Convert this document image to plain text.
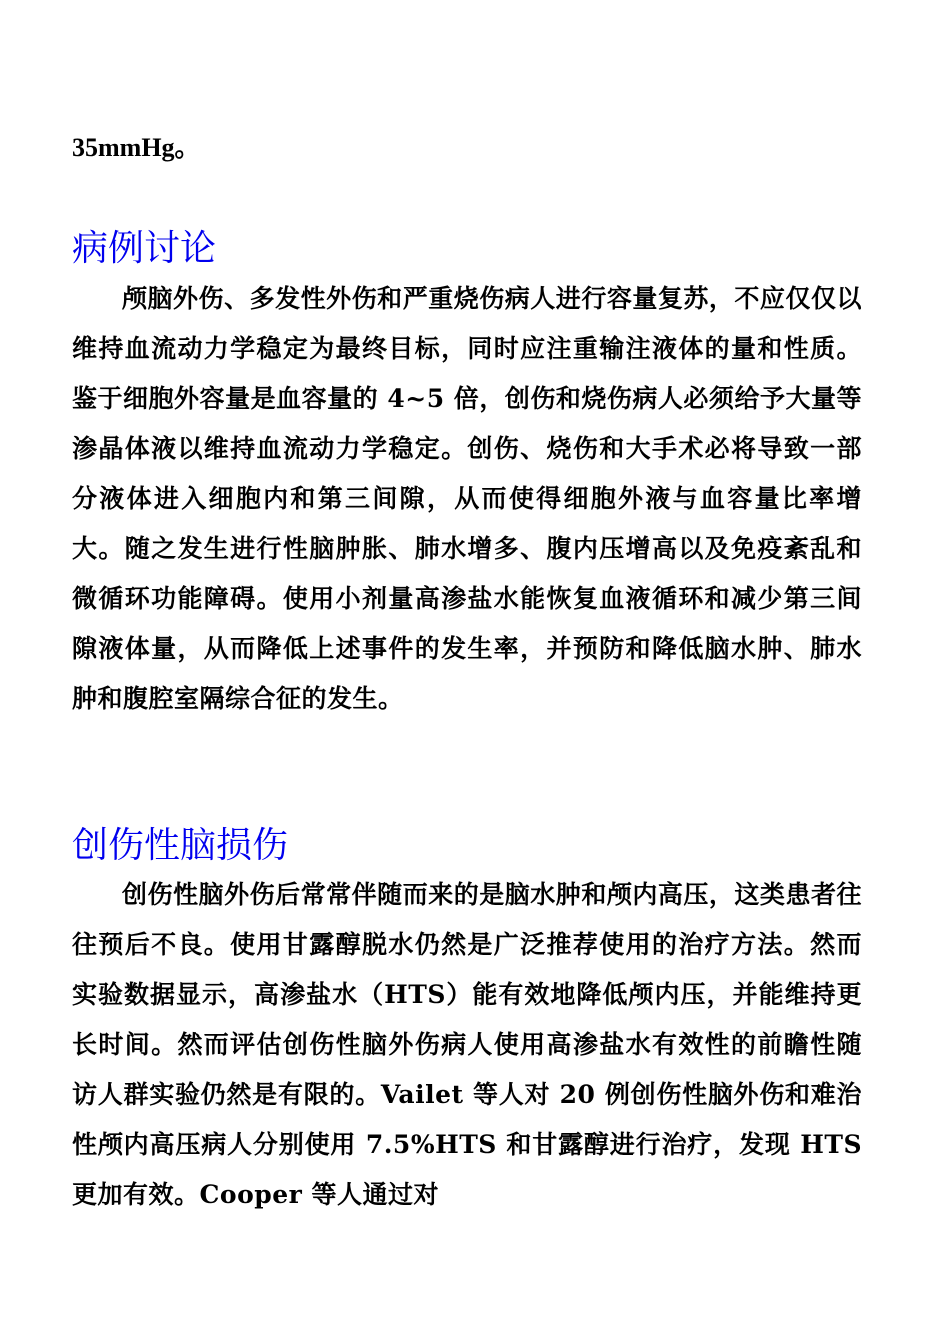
35mmHg。

病例讨论

颅脑外伤、多发性外伤和严重烧伤病人进行容量复苏，不应仅仅以维持血流动力学稳定为最终目标，同时应注重输注液体的量和性质。鉴于细胞外容量是血容量的 4~5 倍，创伤和烧伤病人必须给予大量等渗晶体液以维持血流动力学稳定。创伤、烧伤和大手术必将导致一部分液体进入细胞内和第三间隙，从而使得细胞外液与血容量比率增大。随之发生进行性脑肿胀、肺水增多、腹内压增高以及免疫紊乱和微循环功能障碍。使用小剂量高渗盐水能恢复血液循环和减少第三间隙液体量，从而降低上述事件的发生率，并预防和降低脑水肿、肺水肿和腹腔室隔综合征的发生。

创伤性脑损伤

创伤性脑外伤后常常伴随而来的是脑水肿和颅内高压，这类患者往往预后不良。使用甘露醇脱水仍然是广泛推荐使用的治疗方法。然而实验数据显示，高渗盐水（HTS）能有效地降低颅内压，并能维持更长时间。然而评估创伤性脑外伤病人使用高渗盐水有效性的前瞻性随访人群实验仍然是有限的。Vailet 等人对 20 例创伤性脑外伤和难治性颅内高压病人分别使用 7.5%HTS 和甘露醇进行治疗，发现 HTS 更加有效。Cooper 等人通过对
